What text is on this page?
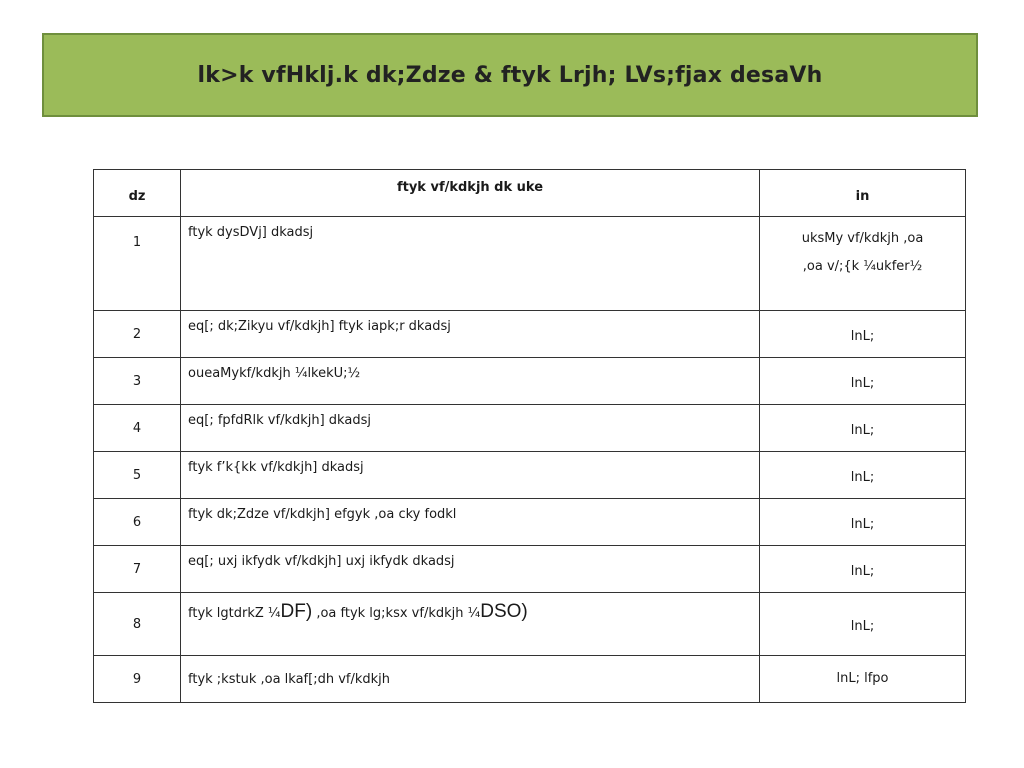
lk>k vfHklj.k dk;Zdze & ftyk Lrjh; LVs;fjax desaVh
dz	ftyk vf/kdkjh dk uke	in
1	ftyk dysDVj] dkadsj	uksMy vf/kdkjh ,oa
,oa v/;{k ¼ukfer½

2	eq[; dk;Zikyu vf/kdkjh] ftyk iapk;r dkadsj	lnL;
3	oueaMykf/kdkjh ¼lkekU;½	lnL;
4	eq[; fpfdRlk vf/kdkjh] dkadsj	lnL;
5	ftyk f’k{kk vf/kdkjh] dkadsj	lnL;
6	ftyk dk;Zdze vf/kdkjh] efgyk ,oa cky fodkl	lnL;
7	eq[; uxj ikfydk vf/kdkjh] uxj ikfydk dkadsj	lnL;
8	ftyk lgtdrkZ ¼DF) ,oa ftyk lg;ksx vf/kdkjh ¼DSO)	lnL;
9	ftyk ;kstuk ,oa lkaf[;dh vf/kdkjh	lnL; lfpo
